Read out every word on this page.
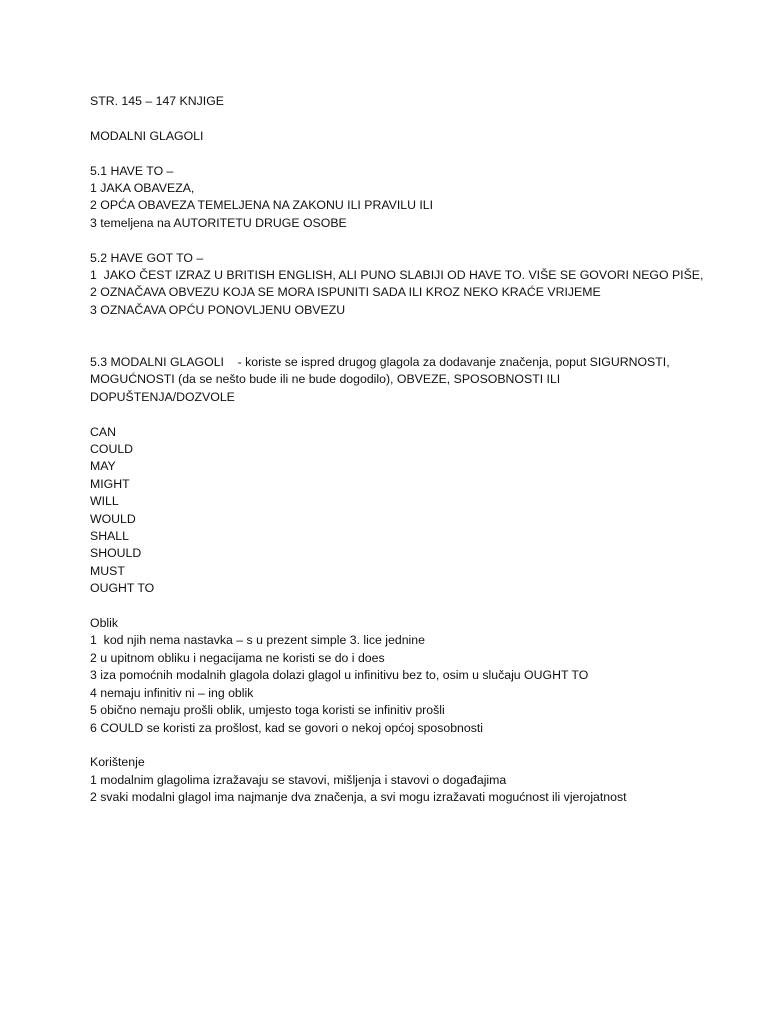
STR. 145 – 147 KNJIGE
MODALNI GLAGOLI
5.1 HAVE TO –
1 JAKA OBAVEZA,
2 OPĆA OBAVEZA TEMELJENA NA ZAKONU ILI PRAVILU ILI
3 temeljena na AUTORITETU DRUGE OSOBE
5.2 HAVE GOT TO –
1  JAKO ČEST IZRAZ U BRITISH ENGLISH, ALI PUNO SLABIJI OD HAVE TO. VIŠE SE GOVORI NEGO PIŠE,
2 OZNAČAVA OBVEZU KOJA SE MORA ISPUNITI SADA ILI KROZ NEKO KRAĆE VRIJEME
3 OZNAČAVA OPĆU PONOVLJENU OBVEZU
5.3 MODALNI GLAGOLI    - koriste se ispred drugog glagola za dodavanje značenja, poput SIGURNOSTI,
MOGUĆNOSTI (da se nešto bude ili ne bude dogodilo), OBVEZE, SPOSOBNOSTI ILI
DOPUŠTENJA/DOZVOLE
CAN
COULD
MAY
MIGHT
WILL
WOULD
SHALL
SHOULD
MUST
OUGHT TO
Oblik
1  kod njih nema nastavka – s u prezent simple 3. lice jednine
2 u upitnom obliku i negacijama ne koristi se do i does
3 iza pomoćnih modalnih glagola dolazi glagol u infinitivu bez to, osim u slučaju OUGHT TO
4 nemaju infinitiv ni – ing oblik
5 obično nemaju prošli oblik, umjesto toga koristi se infinitiv prošli
6 COULD se koristi za prošlost, kad se govori o nekoj općoj sposobnosti
Korištenje
1 modalnim glagolima izražavaju se stavovi, mišljenja i stavovi o događajima
2 svaki modalni glagol ima najmanje dva značenja, a svi mogu izražavati mogućnost ili vjerojatnost
